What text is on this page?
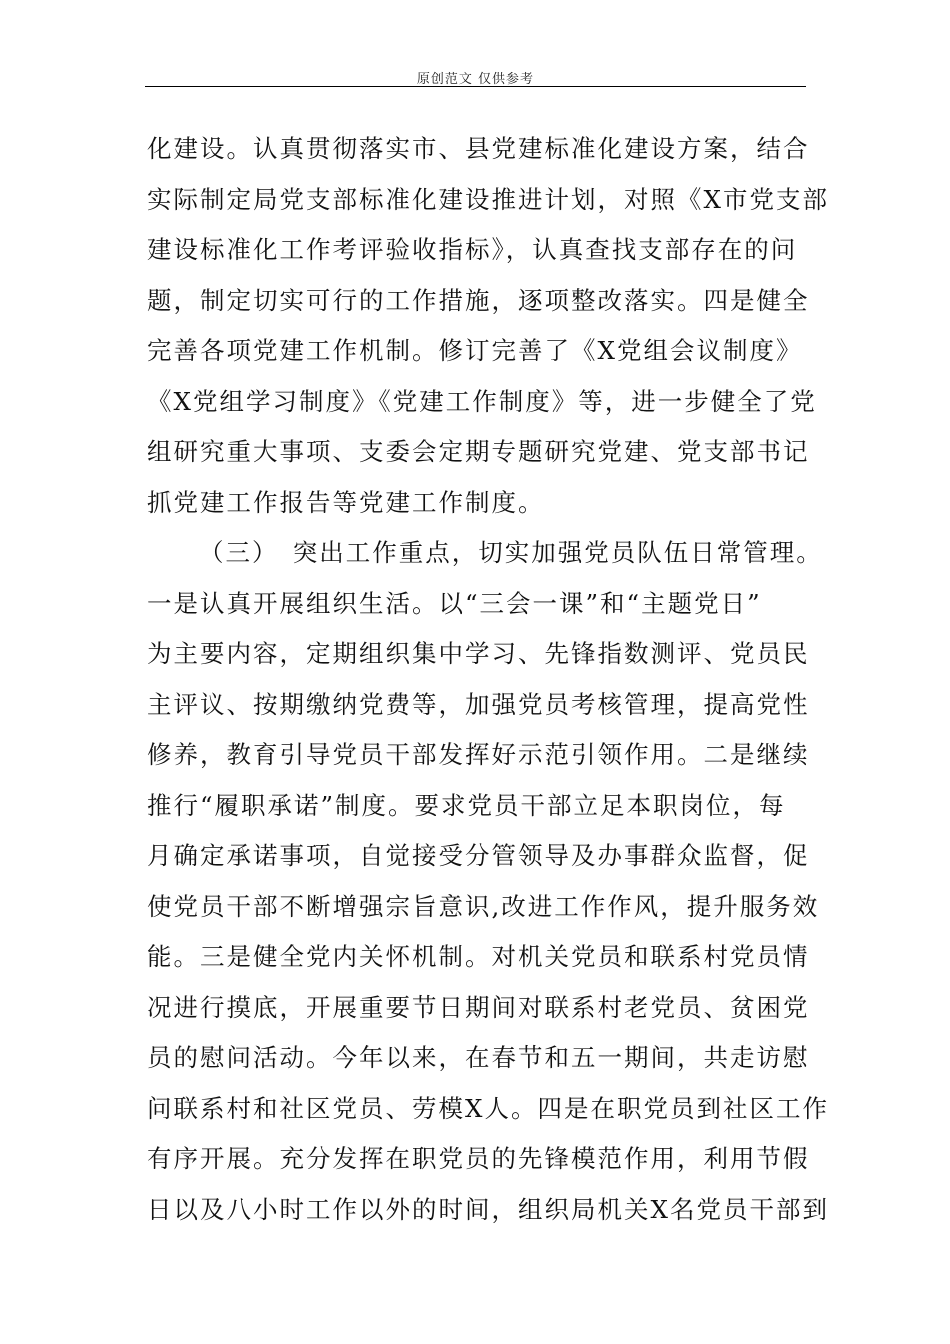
原创范文 仅供参考
化建设。认真贯彻落实市、县党建标准化建设方案，结合
实际制定局党支部标准化建设推进计划，对照《X市党支部
建设标准化工作考评验收指标》，认真查找支部存在的问
题，制定切实可行的工作措施，逐项整改落实。四是健全
完善各项党建工作机制。修订完善了《X党组会议制度》
《X党组学习制度》《党建工作制度》等，进一步健全了党
组研究重大事项、支委会定期专题研究党建、党支部书记
抓党建工作报告等党建工作制度。
（三）　突出工作重点，切实加强党员队伍日常管理。
一是认真开展组织生活。以“三会一课”和“主题党日”
为主要内容，定期组织集中学习、先锋指数测评、党员民
主评议、按期缴纳党费等，加强党员考核管理，提高党性
修养，教育引导党员干部发挥好示范引领作用。二是继续
推行“履职承诺”制度。要求党员干部立足本职岗位，每
月确定承诺事项，自觉接受分管领导及办事群众监督，促
使党员干部不断增强宗旨意识,改进工作作风，提升服务效
能。三是健全党内关怀机制。对机关党员和联系村党员情
况进行摸底，开展重要节日期间对联系村老党员、贫困党
员的慰问活动。今年以来，在春节和五一期间，共走访慰
问联系村和社区党员、劳模X人。四是在职党员到社区工作
有序开展。充分发挥在职党员的先锋模范作用，利用节假
日以及八小时工作以外的时间，组织局机关X名党员干部到
